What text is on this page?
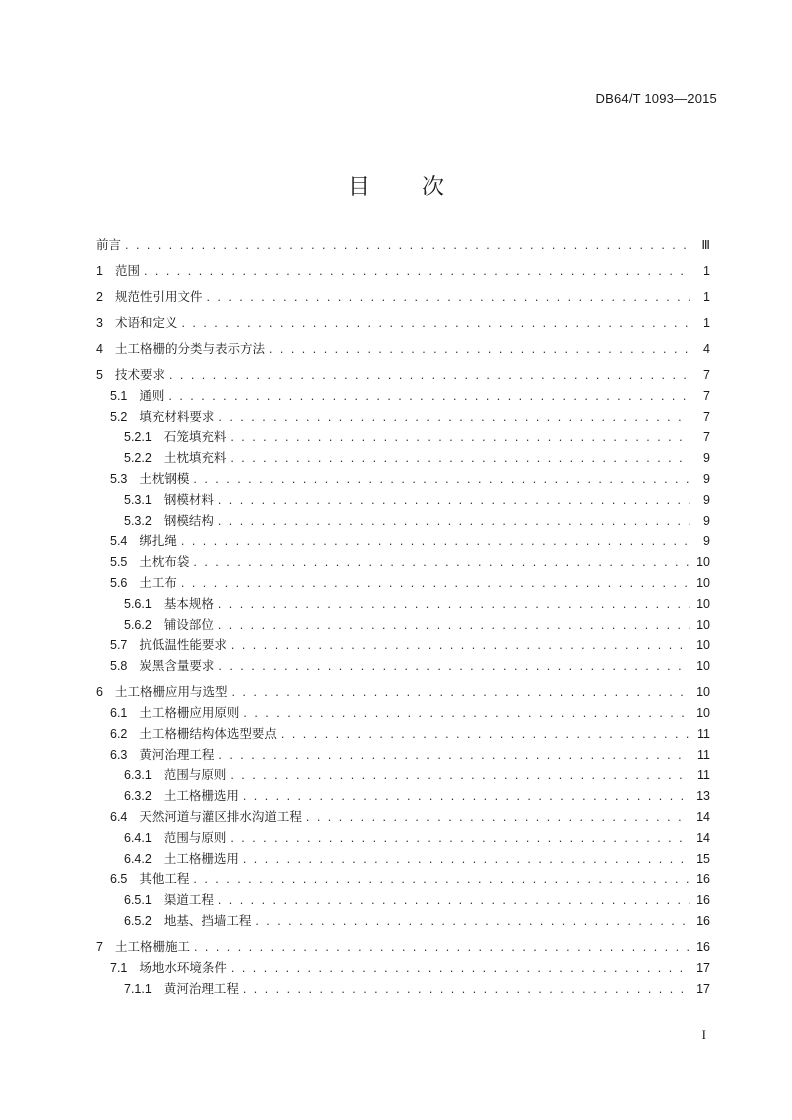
DB64/T 1093—2015
目 次
前言 . . .	Ⅲ
1 范围 . . .	1
2 规范性引用文件 . . .	1
3 术语和定义 . . .	1
4 土工格栅的分类与表示方法 . . .	4
5 技术要求 . . .	7
5.1 通则 . . .	7
5.2 填充材料要求 . . .	7
5.2.1 石笼填充料 . . .	7
5.2.2 土枕填充料 . . .	9
5.3 土枕钢模 . . .	9
5.3.1 钢模材料 . . .	9
5.3.2 钢模结构 . . .	9
5.4 绑扎绳 . . .	9
5.5 土枕布袋 . . .	10
5.6 土工布 . . .	10
5.6.1 基本规格 . . .	10
5.6.2 铺设部位 . . .	10
5.7 抗低温性能要求 . . .	10
5.8 炭黑含量要求 . . .	10
6 土工格栅应用与选型 . . .	10
6.1 土工格栅应用原则 . . .	10
6.2 土工格栅结构体选型要点 . . .	11
6.3 黄河治理工程 . . .	11
6.3.1 范围与原则 . . .	11
6.3.2 土工格栅选用 . . .	13
6.4 天然河道与灌区排水沟道工程 . . .	14
6.4.1 范围与原则 . . .	14
6.4.2 土工格栅选用 . . .	15
6.5 其他工程 . . .	16
6.5.1 渠道工程 . . .	16
6.5.2 地基、挡墙工程 . . .	16
7 土工格栅施工 . . .	16
7.1 场地水环境条件 . . .	17
7.1.1 黄河治理工程 . . .	17
I
